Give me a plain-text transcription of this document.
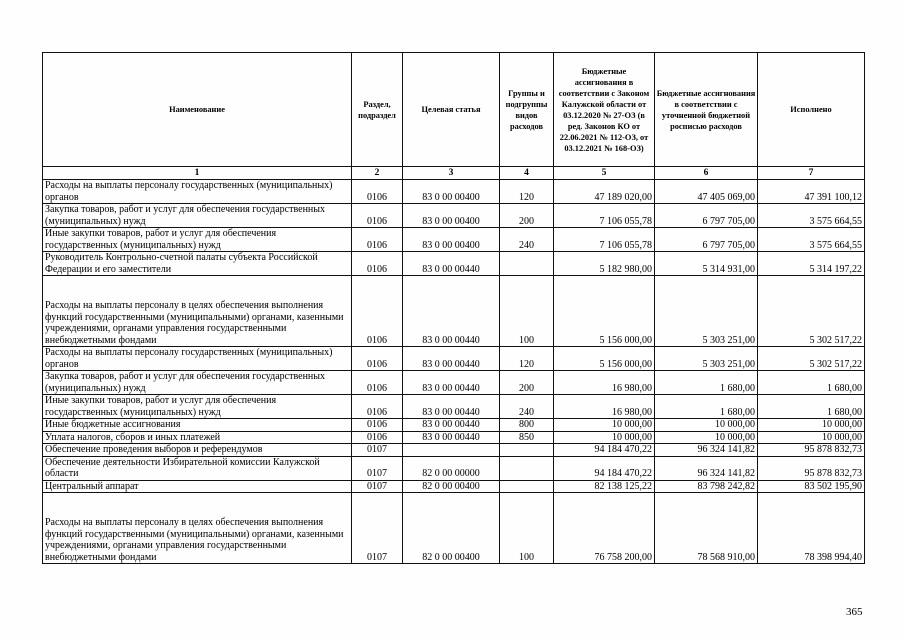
Наименование	Раздел, подраздел	Целевая статья	Группы и подгруппы видов расходов	Бюджетные ассигнования в соответствии с Законом Калужской области от 03.12.2020 № 27-ОЗ (в ред. Законов КО от 22.06.2021 № 112-ОЗ, от 03.12.2021 № 168-ОЗ)	Бюджетные ассигнования в соответствии с уточненной бюджетной росписью расходов	Исполнено
1	2	3	4	5	6	7
Расходы на выплаты персоналу государственных (муниципальных) органов	0106	83 0 00 00400	120	47 189 020,00	47 405 069,00	47 391 100,12
Закупка товаров, работ и услуг для обеспечения государственных (муниципальных) нужд	0106	83 0 00 00400	200	7 106 055,78	6 797 705,00	3 575 664,55
Иные закупки товаров, работ и услуг для обеспечения государственных (муниципальных) нужд	0106	83 0 00 00400	240	7 106 055,78	6 797 705,00	3 575 664,55
Руководитель Контрольно-счетной палаты субъекта Российской Федерации и его заместители	0106	83 0 00 00440		5 182 980,00	5 314 931,00	5 314 197,22
Расходы на выплаты персоналу в целях обеспечения выполнения функций государственными (муниципальными) органами, казенными учреждениями, органами управления государственными внебюджетными фондами	0106	83 0 00 00440	100	5 156 000,00	5 303 251,00	5 302 517,22
Расходы на выплаты персоналу государственных (муниципальных) органов	0106	83 0 00 00440	120	5 156 000,00	5 303 251,00	5 302 517,22
Закупка товаров, работ и услуг для обеспечения государственных (муниципальных) нужд	0106	83 0 00 00440	200	16 980,00	1 680,00	1 680,00
Иные закупки товаров, работ и услуг для обеспечения государственных (муниципальных) нужд	0106	83 0 00 00440	240	16 980,00	1 680,00	1 680,00
Иные бюджетные ассигнования	0106	83 0 00 00440	800	10 000,00	10 000,00	10 000,00
Уплата налогов, сборов и иных платежей	0106	83 0 00 00440	850	10 000,00	10 000,00	10 000,00
Обеспечение проведения выборов и референдумов	0107			94 184 470,22	96 324 141,82	95 878 832,73
Обеспечение деятельности Избирательной комиссии Калужской области	0107	82 0 00 00000		94 184 470,22	96 324 141,82	95 878 832,73
Центральный аппарат	0107	82 0 00 00400		82 138 125,22	83 798 242,82	83 502 195,90
Расходы на выплаты персоналу в целях обеспечения выполнения функций государственными (муниципальными) органами, казенными учреждениями, органами управления государственными внебюджетными фондами	0107	82 0 00 00400	100	76 758 200,00	78 568 910,00	78 398 994,40
365
